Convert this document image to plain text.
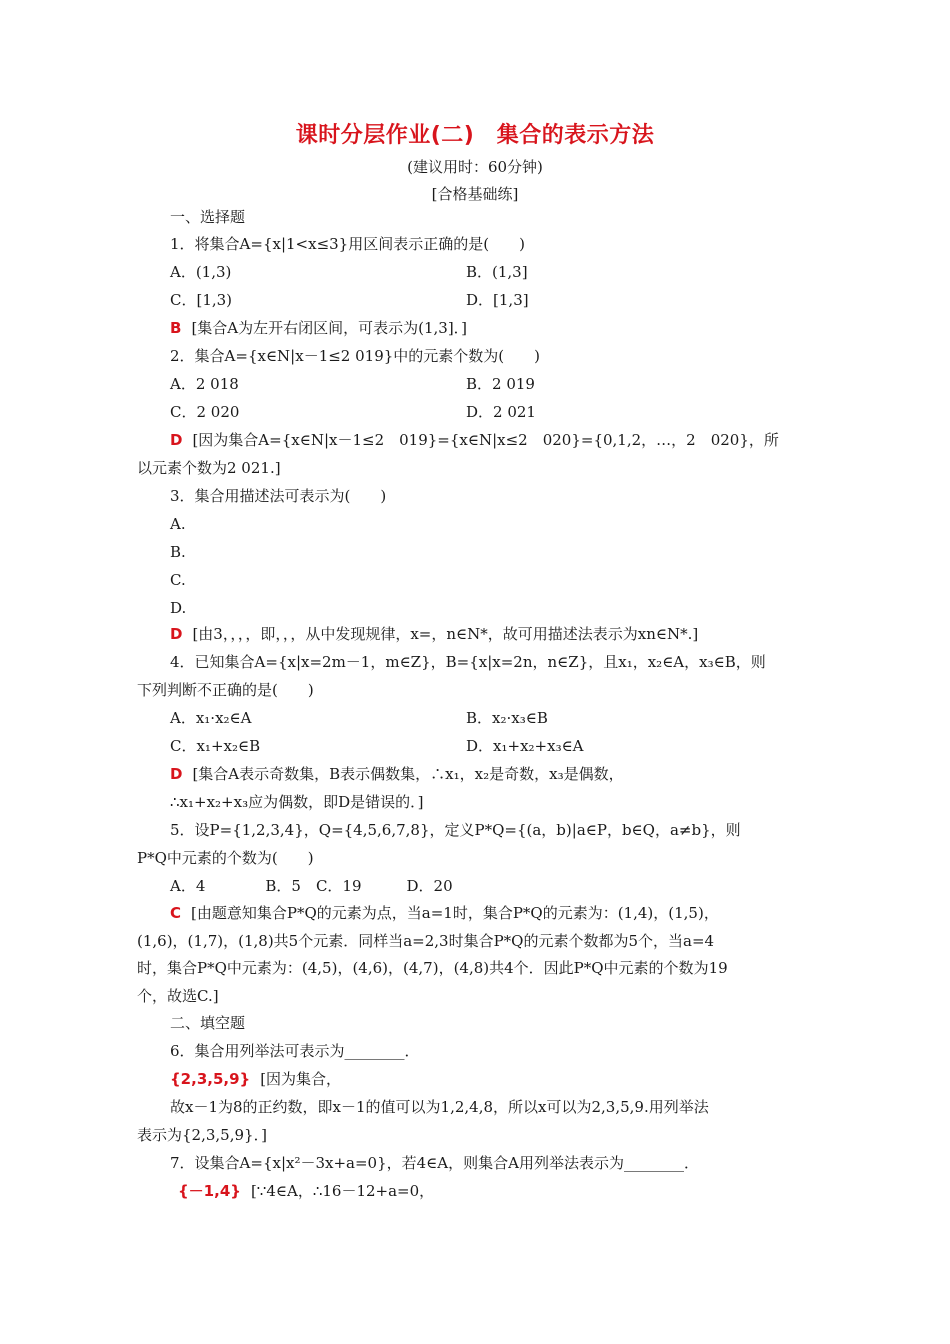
课时分层作业(二)　集合的表示方法
(建议用时：60分钟)
[合格基础练]
一、选择题
1．将集合A={x|1<x≤3}用区间表示正确的是(　　)
A．(1,3)	B．(1,3]
C．[1,3)	D．[1,3]
B [集合A为左开右闭区间，可表示为(1,3]．]
2．集合A={x∈N|x－1≤2 019}中的元素个数为(　　)
A．2 018	B．2 019
C．2 020	D．2 021
D [因为集合A={x∈N|x－1≤2　019}={x∈N|x≤2　020}={0,1,2，…，2　020}，所
以元素个数为2 021.]
3．集合用描述法可表示为(　　)
A.
B.
C.
D.
D [由3，，，，即，，，从中发现规律，x=，n∈N*，故可用描述法表示为xn∈N*.]
4．已知集合A={x|x=2m－1，m∈Z}，B={x|x=2n，n∈Z}，且x₁，x₂∈A，x₃∈B，则
下列判断不正确的是(　　)
A．x₁·x₂∈A	B．x₂·x₃∈B
C．x₁+x₂∈B	D．x₁+x₂+x₃∈A
D [集合A表示奇数集，B表示偶数集，∴x₁，x₂是奇数，x₃是偶数，
∴x₁+x₂+x₃应为偶数，即D是错误的．]
5．设P={1,2,3,4}，Q={4,5,6,7,8}，定义P*Q={(a，b)|a∈P，b∈Q，a≠b}，则
P*Q中元素的个数为(　　)
A．4　　　　B．5　C．19　　　D．20
C [由题意知集合P*Q的元素为点，当a=1时，集合P*Q的元素为：(1,4)，(1,5)，
(1,6)，(1,7)，(1,8)共5个元素．同样当a=2,3时集合P*Q的元素个数都为5个，当a=4
时，集合P*Q中元素为：(4,5)，(4,6)，(4,7)，(4,8)共4个．因此P*Q中元素的个数为19
个，故选C.]
二、填空题
6．集合用列举法可表示为________．
{2,3,5,9} [因为集合，
故x－1为8的正约数，即x－1的值可以为1,2,4,8，所以x可以为2,3,5,9.用列举法
表示为{2,3,5,9}．]
7．设集合A={x|x²－3x+a=0}，若4∈A，则集合A用列举法表示为________．
{－1,4} [∵4∈A，∴16－12+a=0，
